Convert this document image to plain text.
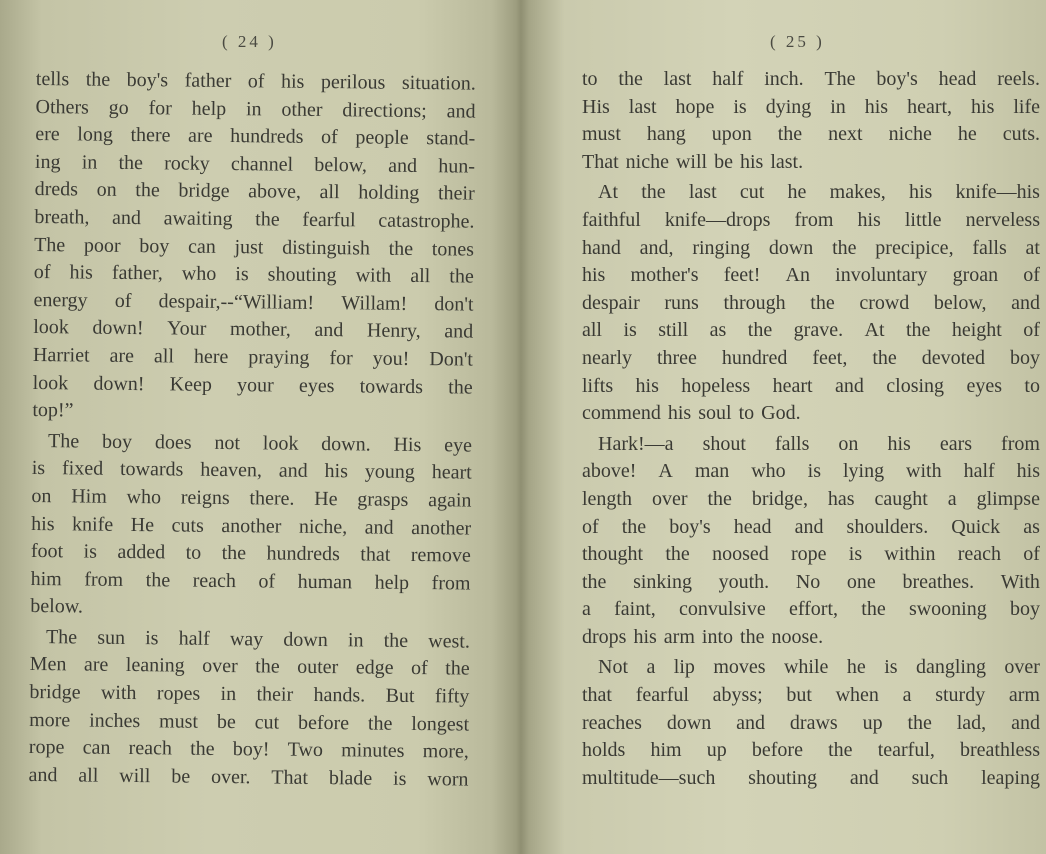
( 24 )
tells the boy's father of his perilous situation.
Others go for help in other directions; and
ere long there are hundreds of people stand-
ing in the rocky channel below, and hun-
dreds on the bridge above, all holding their
breath, and awaiting the fearful catastrophe.
The poor boy can just distinguish the tones
of his father, who is shouting with all the
energy of despair,--“William! Willam! don't
look down! Your mother, and Henry, and
Harriet are all here praying for you! Don't
look down! Keep your eyes towards the
top!”
The boy does not look down. His eye
is fixed towards heaven, and his young heart
on Him who reigns there. He grasps again
his knife He cuts another niche, and another
foot is added to the hundreds that remove
him from the reach of human help from
below.
The sun is half way down in the west.
Men are leaning over the outer edge of the
bridge with ropes in their hands. But fifty
more inches must be cut before the longest
rope can reach the boy! Two minutes more,
and all will be over. That blade is worn
( 25 )
to the last half inch. The boy's head reels.
His last hope is dying in his heart, his life
must hang upon the next niche he cuts.
That niche will be his last.
At the last cut he makes, his knife—his
faithful knife—drops from his little nerveless
hand and, ringing down the precipice, falls at
his mother's feet! An involuntary groan of
despair runs through the crowd below, and
all is still as the grave. At the height of
nearly three hundred feet, the devoted boy
lifts his hopeless heart and closing eyes to
commend his soul to God.
Hark!—a shout falls on his ears from
above! A man who is lying with half his
length over the bridge, has caught a glimpse
of the boy's head and shoulders. Quick as
thought the noosed rope is within reach of
the sinking youth. No one breathes. With
a faint, convulsive effort, the swooning boy
drops his arm into the noose.
Not a lip moves while he is dangling over
that fearful abyss; but when a sturdy arm
reaches down and draws up the lad, and
holds him up before the tearful, breathless
multitude—such shouting and such leaping
